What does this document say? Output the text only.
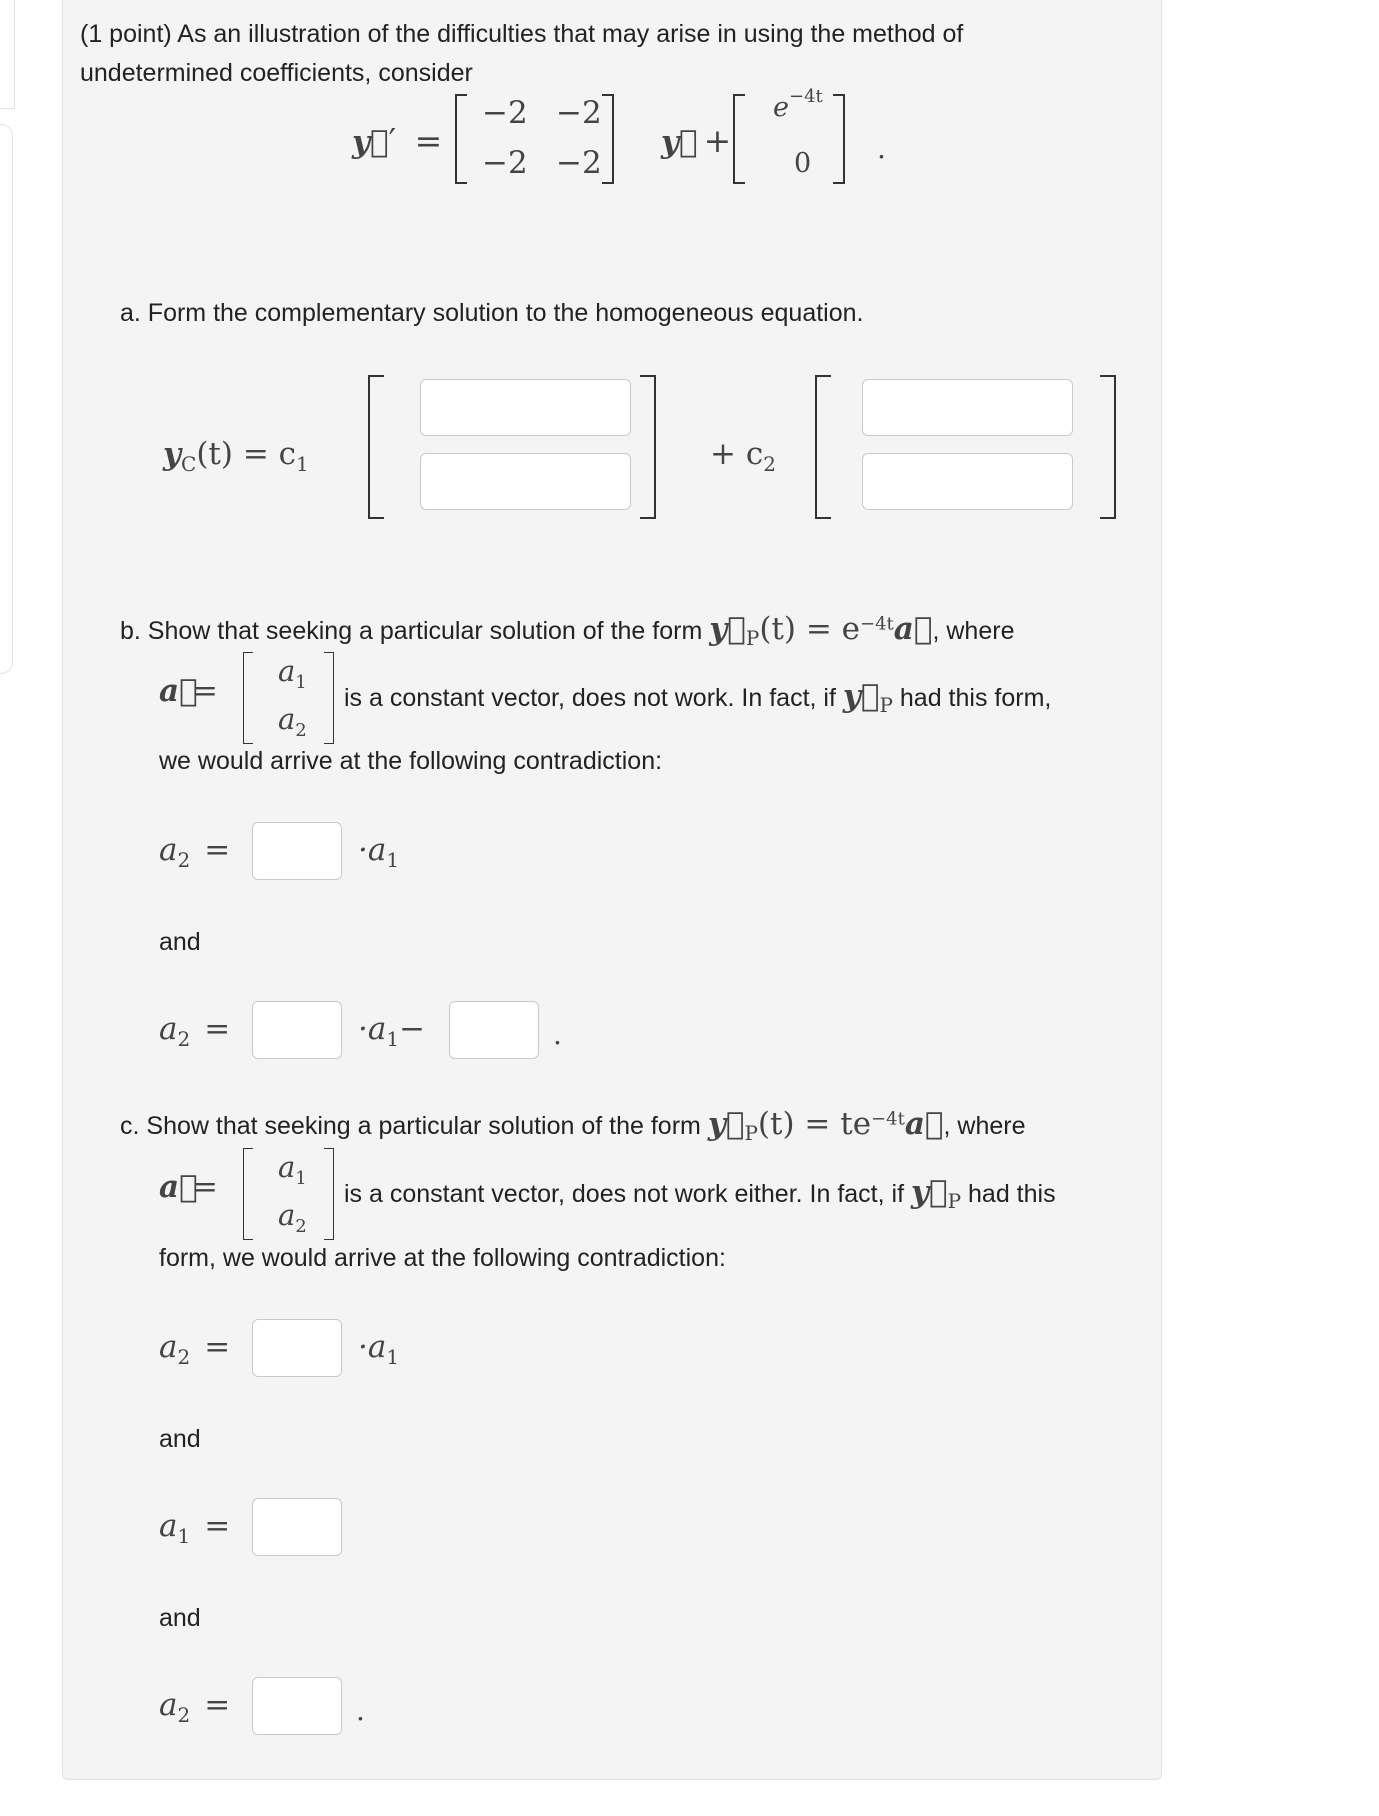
(1 point) As an illustration of the difficulties that may arise in using the method of
undetermined coefficients, consider
y⃗′ =
−2 −2
−2 −2
y⃗ +
$e^{-4t}$
0 .
a. Form the complementary solution to the homogeneous equation.
$y_C(t) = c_1$	+ $c_2$
b. Show that seeking a particular solution of the form $y⃗_P(t)$ = $e^{-4t}a⃗$, where
a⃗
=
$a_1$
$a_2$
is a constant vector, does not work. In fact, if $y⃗_P$ had this form,
we would arrive at the following contradiction:
$a_2$ =	$\cdot a_1$
and
$a_2$ =	$\cdot a_1-$	.
c. Show that seeking a particular solution of the form $y⃗_P(t)$ = $te^{-4t}a⃗$, where
a⃗
=
$a_1$
$a_2$
is a constant vector, does not work either. In fact, if $y⃗_P$ had this
form, we would arrive at the following contradiction:
$a_2$ =	$\cdot a_1$
and
$a_1$ =
and
$a_2$ =	.
